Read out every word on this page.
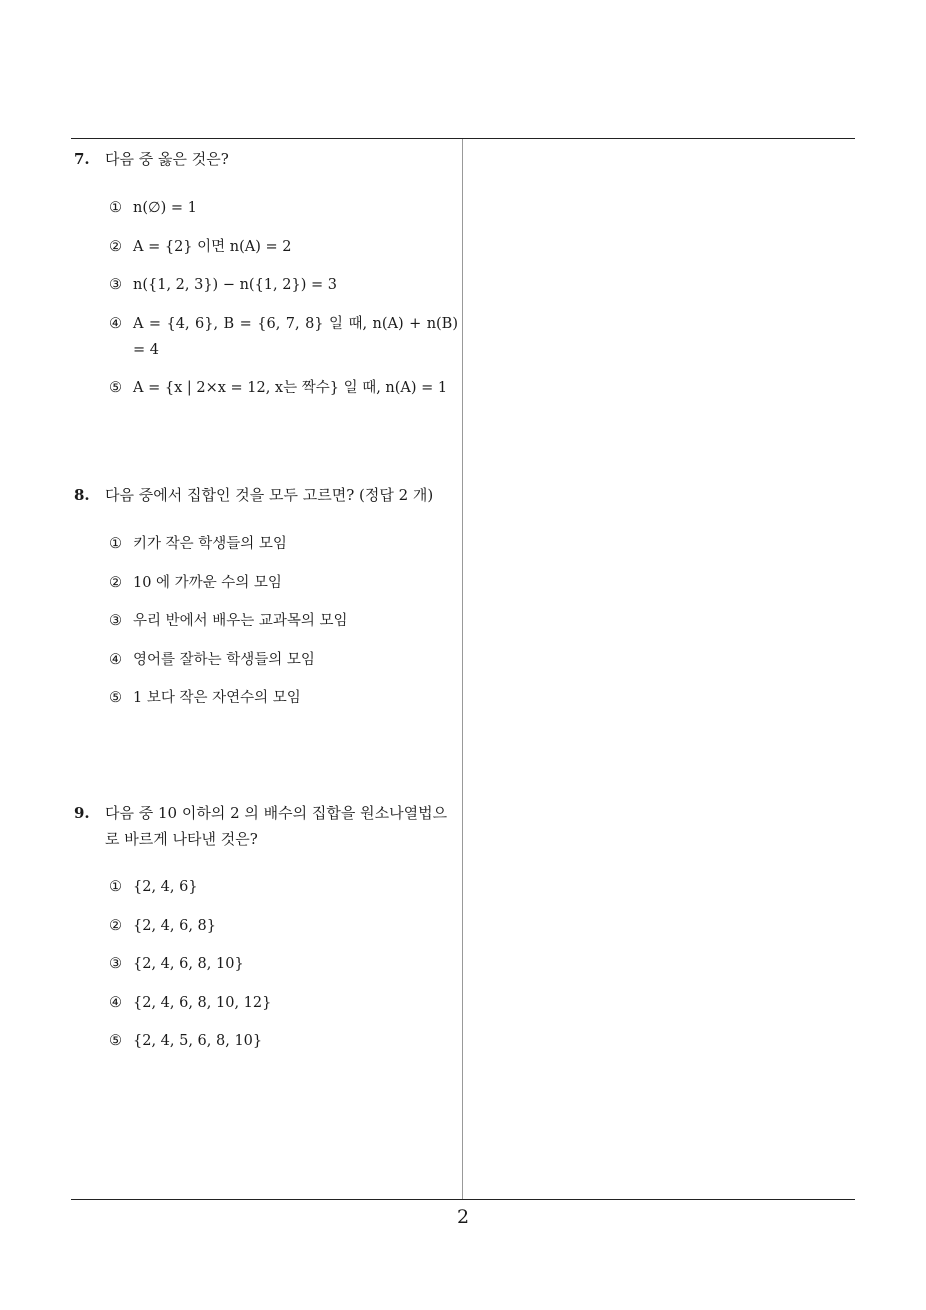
7.	다음 중 옳은 것은?
① n(∅) = 1
② A = {2} 이면 n(A) = 2
③ n({1, 2, 3}) − n({1, 2}) = 3
④ A = {4, 6}, B = {6, 7, 8} 일 때, n(A) + n(B) = 4
⑤ A = {x | 2×x = 12, x는 짝수} 일 때, n(A) = 1
8.	다음 중에서 집합인 것을 모두 고르면? (정답 2 개)
① 키가 작은 학생들의 모임
② 10 에 가까운 수의 모임
③ 우리 반에서 배우는 교과목의 모임
④ 영어를 잘하는 학생들의 모임
⑤ 1 보다 작은 자연수의 모임
9.	다음 중 10 이하의 2 의 배수의 집합을 원소나열법으로 바르게 나타낸 것은?
① {2, 4, 6}
② {2, 4, 6, 8}
③ {2, 4, 6, 8, 10}
④ {2, 4, 6, 8, 10, 12}
⑤ {2, 4, 5, 6, 8, 10}
2
